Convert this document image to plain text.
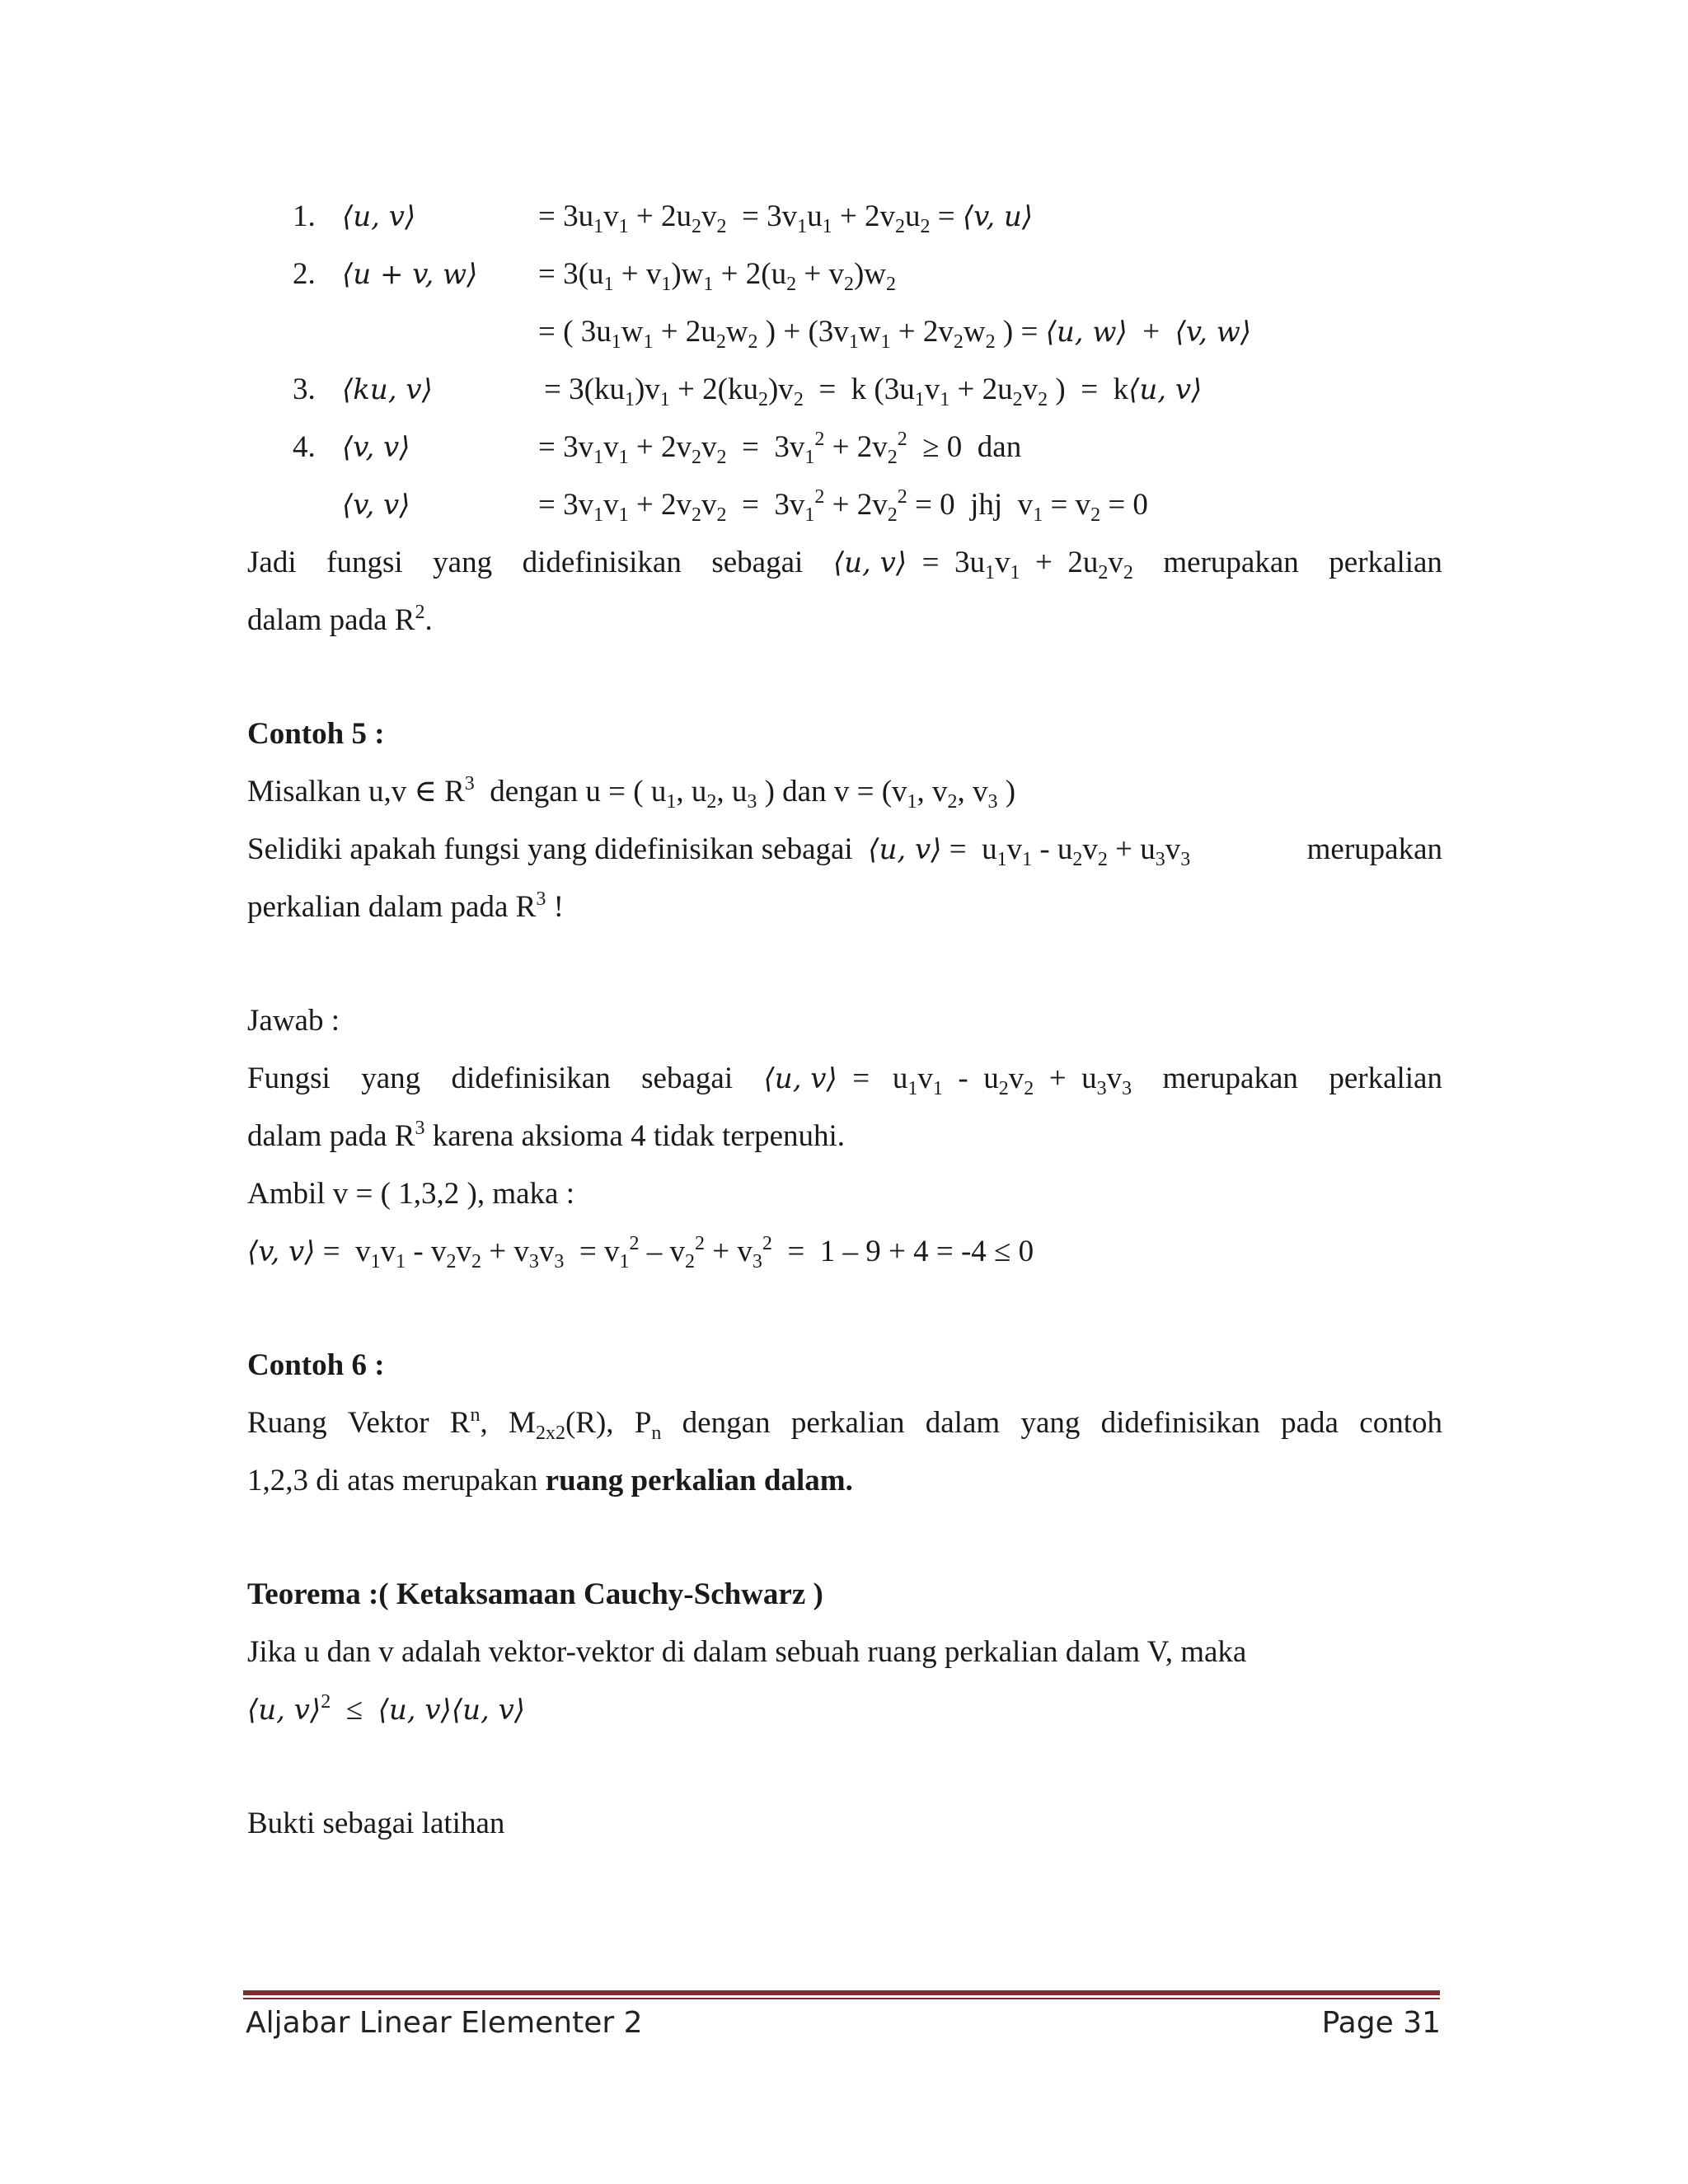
1. ⟨u, v⟩	= $3u_1v_1 + 2u_2v_2 = 3v_1u_1 + 2v_2u_2$ = ⟨v, u⟩
2. ⟨u + v, w⟩ = $3(u_1 + v_1)w_1 + 2(u_2 + v_2)w_2$
= ( $3u_1w_1 + 2u_2w_2$ ) + ($3v_1w_1 + 2v_2w_2$ ) = ⟨u, w⟩  +  ⟨v, w⟩
3. ⟨ku, v⟩	= $3(ku_1)v_1 + 2(ku_2)v_2 = k$ ($3u_1v_1 + 2u_2v_2$ )  =  k⟨u, v⟩
4. ⟨v, v⟩	= $3v_1v_1 + 2v_2v_2 = 3v_1^2 + 2v_2^2 \ge 0$  dan
⟨v, v⟩	= $3v_1v_1 + 2v_2v_2 = 3v_1^2 + 2v_2^2 = 0$  jhj  $v_1 = v_2 = 0$
Jadi fungsi yang didefinisikan sebagai ⟨u, v⟩  =  $3u_1v_1 + 2u_2v_2$ merupakan perkalian
dalam pada $R^2$.
Contoh 5 :
Misalkan u,v ∈ $R^3$  dengan u = ( $u_1$, $u_2$, $u_3$ ) dan $v = (v_1$, $v_2$, $v_3$ )
Selidiki apakah fungsi yang didefinisikan sebagai  ⟨u, v⟩ =  $u_1v_1 - u_2v_2 + u_3v_3$	merupakan
perkalian dalam pada $R^3$ !
Jawab :
Fungsi yang didefinisikan sebagai ⟨u, v⟩  =   $u_1v_1 - u_2v_2 + u_3v_3$ merupakan perkalian
dalam pada $R^3$ karena aksioma 4 tidak terpenuhi.
Ambil v = ( 1,3,2 ), maka :
⟨v, v⟩ =  $v_1v_1 - v_2v_2 + v_3v_3 = v_1^2 - v_2^2 + v_3^2 = 1 - 9 + 4 = -4 \le 0$
Contoh 6 :
Ruang Vektor $R^n$, $M_{2x2}(R)$, $P_n$ dengan perkalian dalam yang didefinisikan pada contoh
1,2,3 di atas merupakan ruang perkalian dalam.
Teorema :( Ketaksamaan Cauchy-Schwarz )
Jika u dan v adalah vektor-vektor di dalam sebuah ruang perkalian dalam V, maka
⟨u, v⟩$^2$  ≤  ⟨u, v⟩⟨u, v⟩
Bukti sebagai latihan
Aljabar Linear Elementer 2	Page 31
